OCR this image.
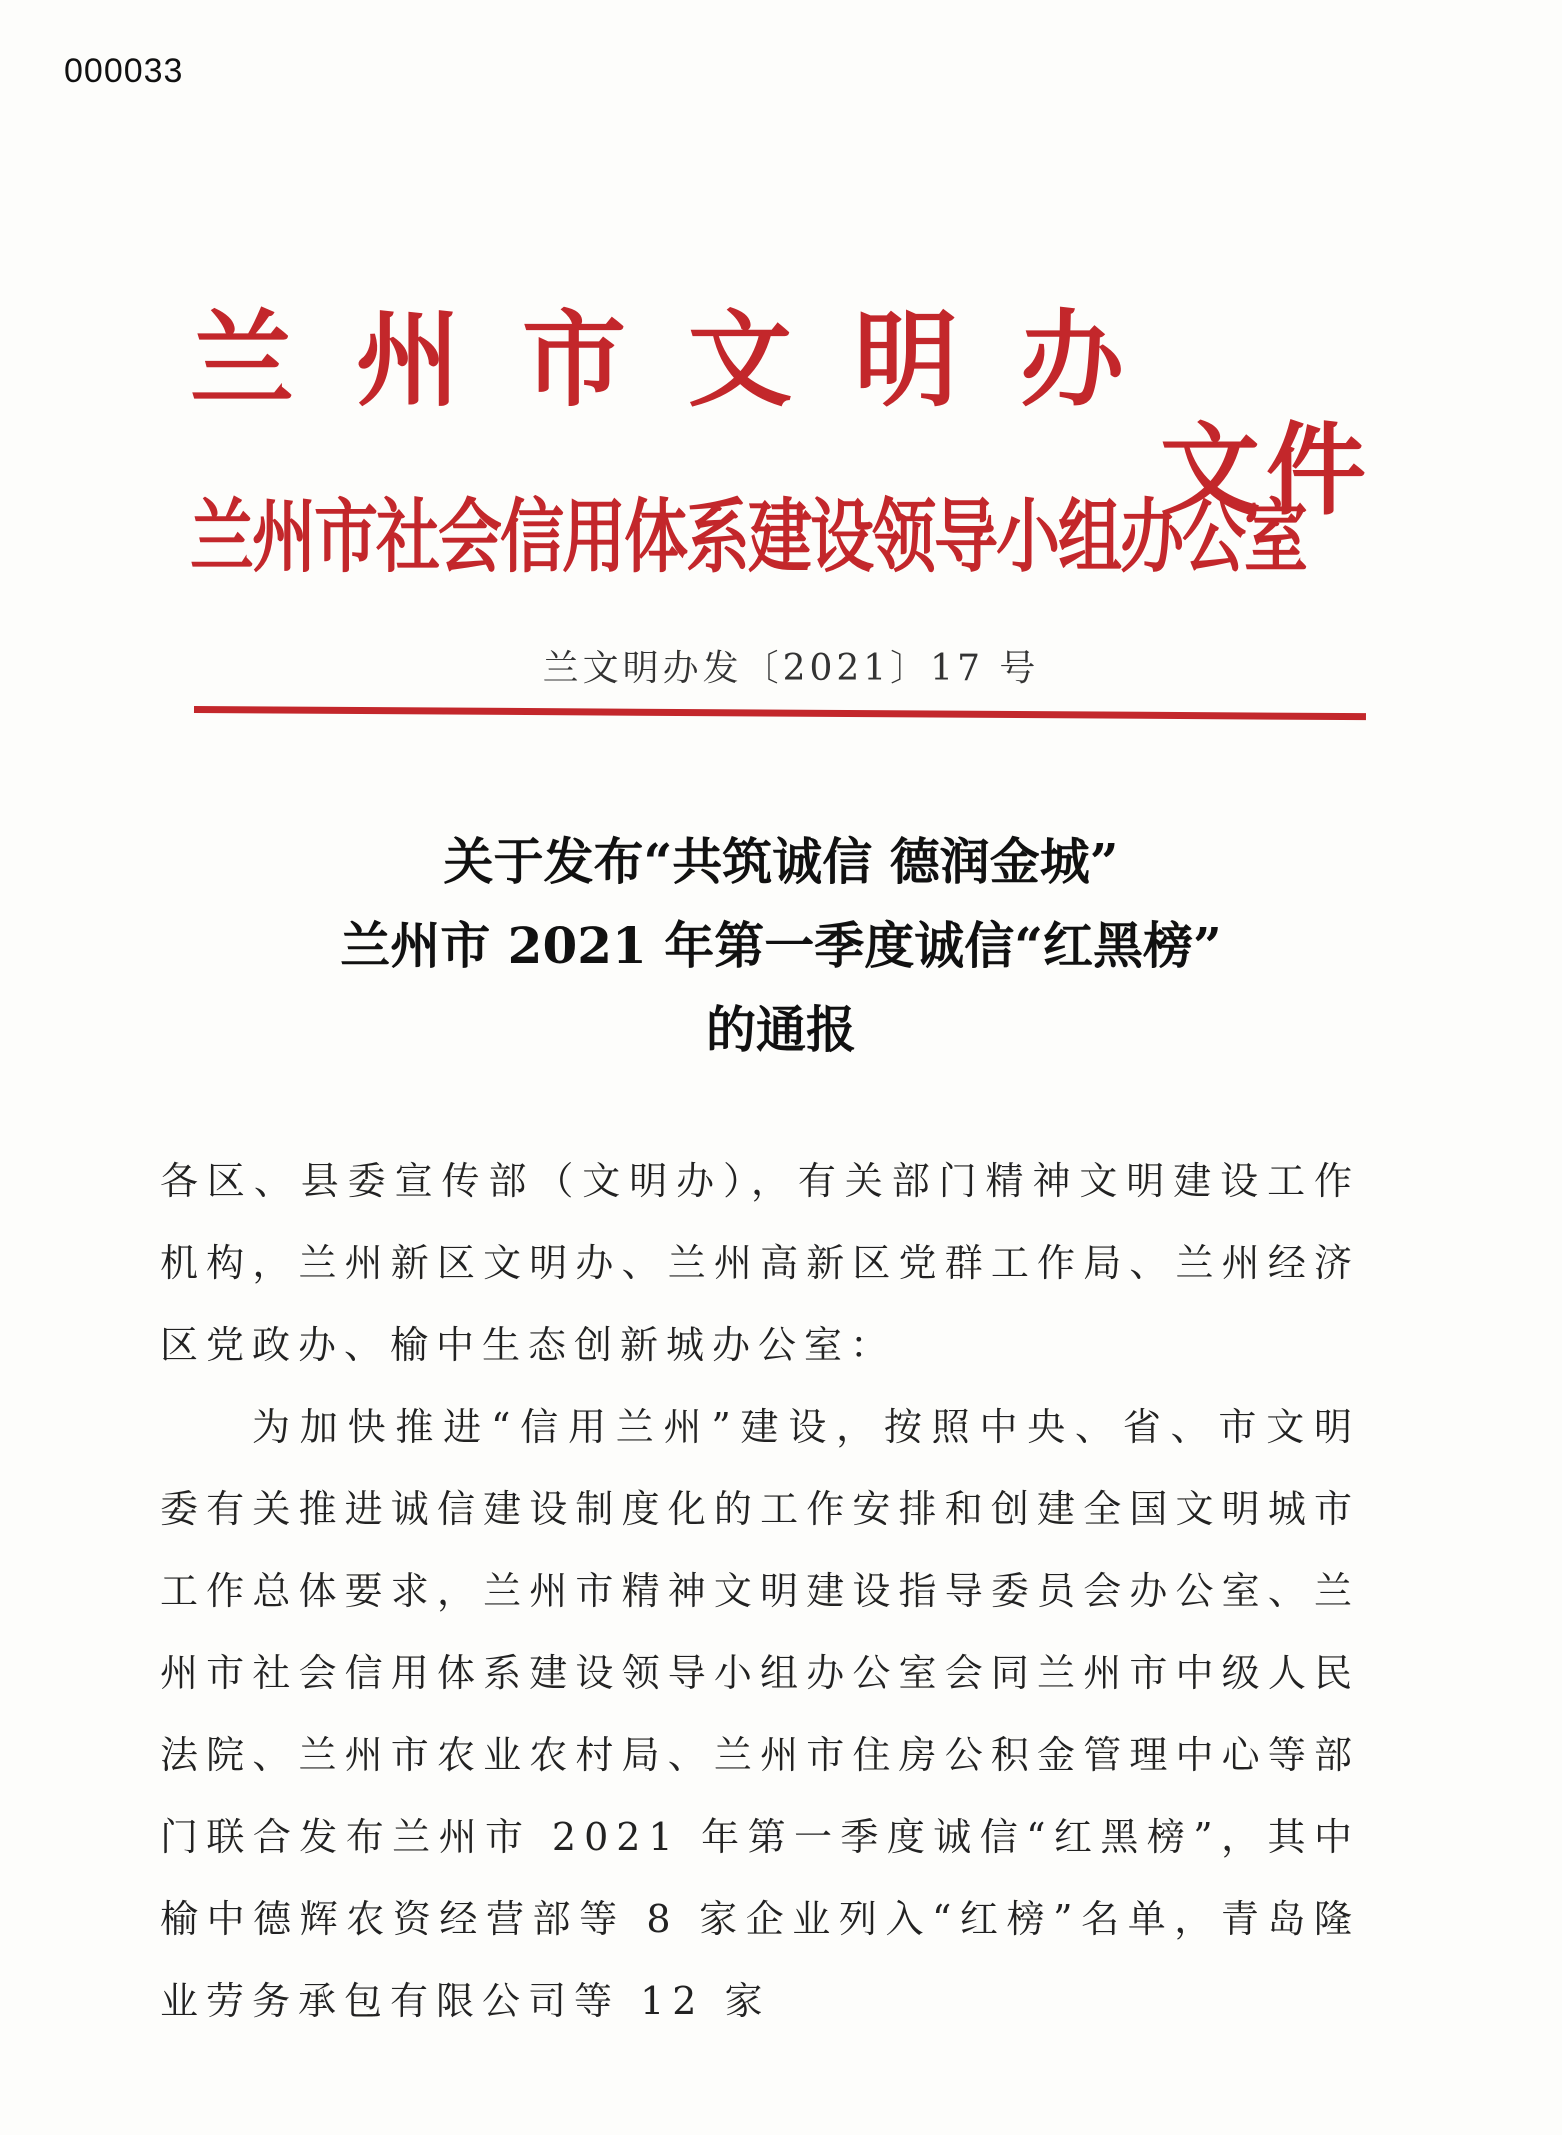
000033
兰州市文明办
兰州市社会信用体系建设领导小组办公室
文件
兰文明办发〔2021〕17 号
关于发布“共筑诚信 德润金城”
兰州市 2021 年第一季度诚信“红黑榜”
的通报

各区、县委宣传部（文明办），有关部门精神文明建设工作机构，兰州新区文明办、兰州高新区党群工作局、兰州经济区党政办、榆中生态创新城办公室：

为加快推进“信用兰州”建设，按照中央、省、市文明委有关推进诚信建设制度化的工作安排和创建全国文明城市工作总体要求，兰州市精神文明建设指导委员会办公室、兰州市社会信用体系建设领导小组办公室会同兰州市中级人民法院、兰州市农业农村局、兰州市住房公积金管理中心等部门联合发布兰州市 2021 年第一季度诚信“红黑榜”，其中榆中德辉农资经营部等 8 家企业列入“红榜”名单，青岛隆业劳务承包有限公司等 12 家
